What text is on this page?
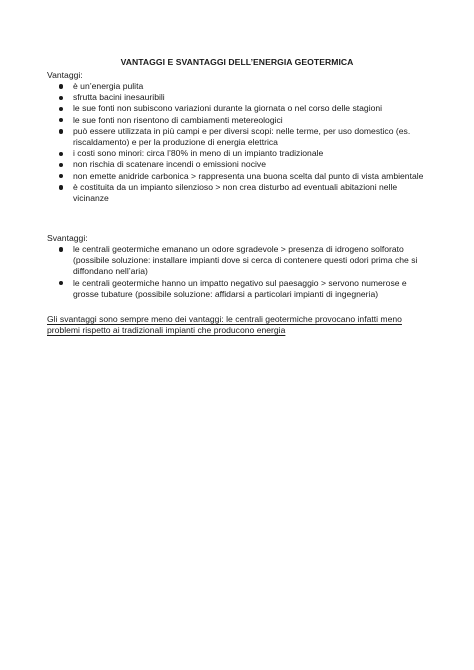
VANTAGGI E SVANTAGGI DELL’ENERGIA GEOTERMICA
Vantaggi:
è un’energia pulita
sfrutta bacini inesauribili
le sue fonti non subiscono variazioni durante la giornata o nel corso delle stagioni
le sue fonti non risentono di cambiamenti metereologici
può essere utilizzata in più campi e per diversi scopi: nelle terme, per uso domestico (es. riscaldamento) e per la produzione di energia elettrica
i costi sono minori: circa l’80% in meno di un impianto tradizionale
non rischia di scatenare incendi o emissioni nocive
non emette anidride carbonica > rappresenta una buona scelta dal punto di vista ambientale
è costituita da un impianto silenzioso > non crea disturbo ad eventuali abitazioni nelle vicinanze
Svantaggi:
le centrali geotermiche emanano un odore sgradevole > presenza di idrogeno solforato (possibile soluzione: installare impianti dove si cerca di contenere questi odori prima che si diffondano nell’aria)
le centrali geotermiche hanno un impatto negativo sul paesaggio > servono numerose e grosse tubature (possibile soluzione: affidarsi a particolari impianti di ingegneria)
Gli svantaggi sono sempre meno dei vantaggi: le centrali geotermiche provocano infatti meno problemi rispetto ai tradizionali impianti che producono energia
